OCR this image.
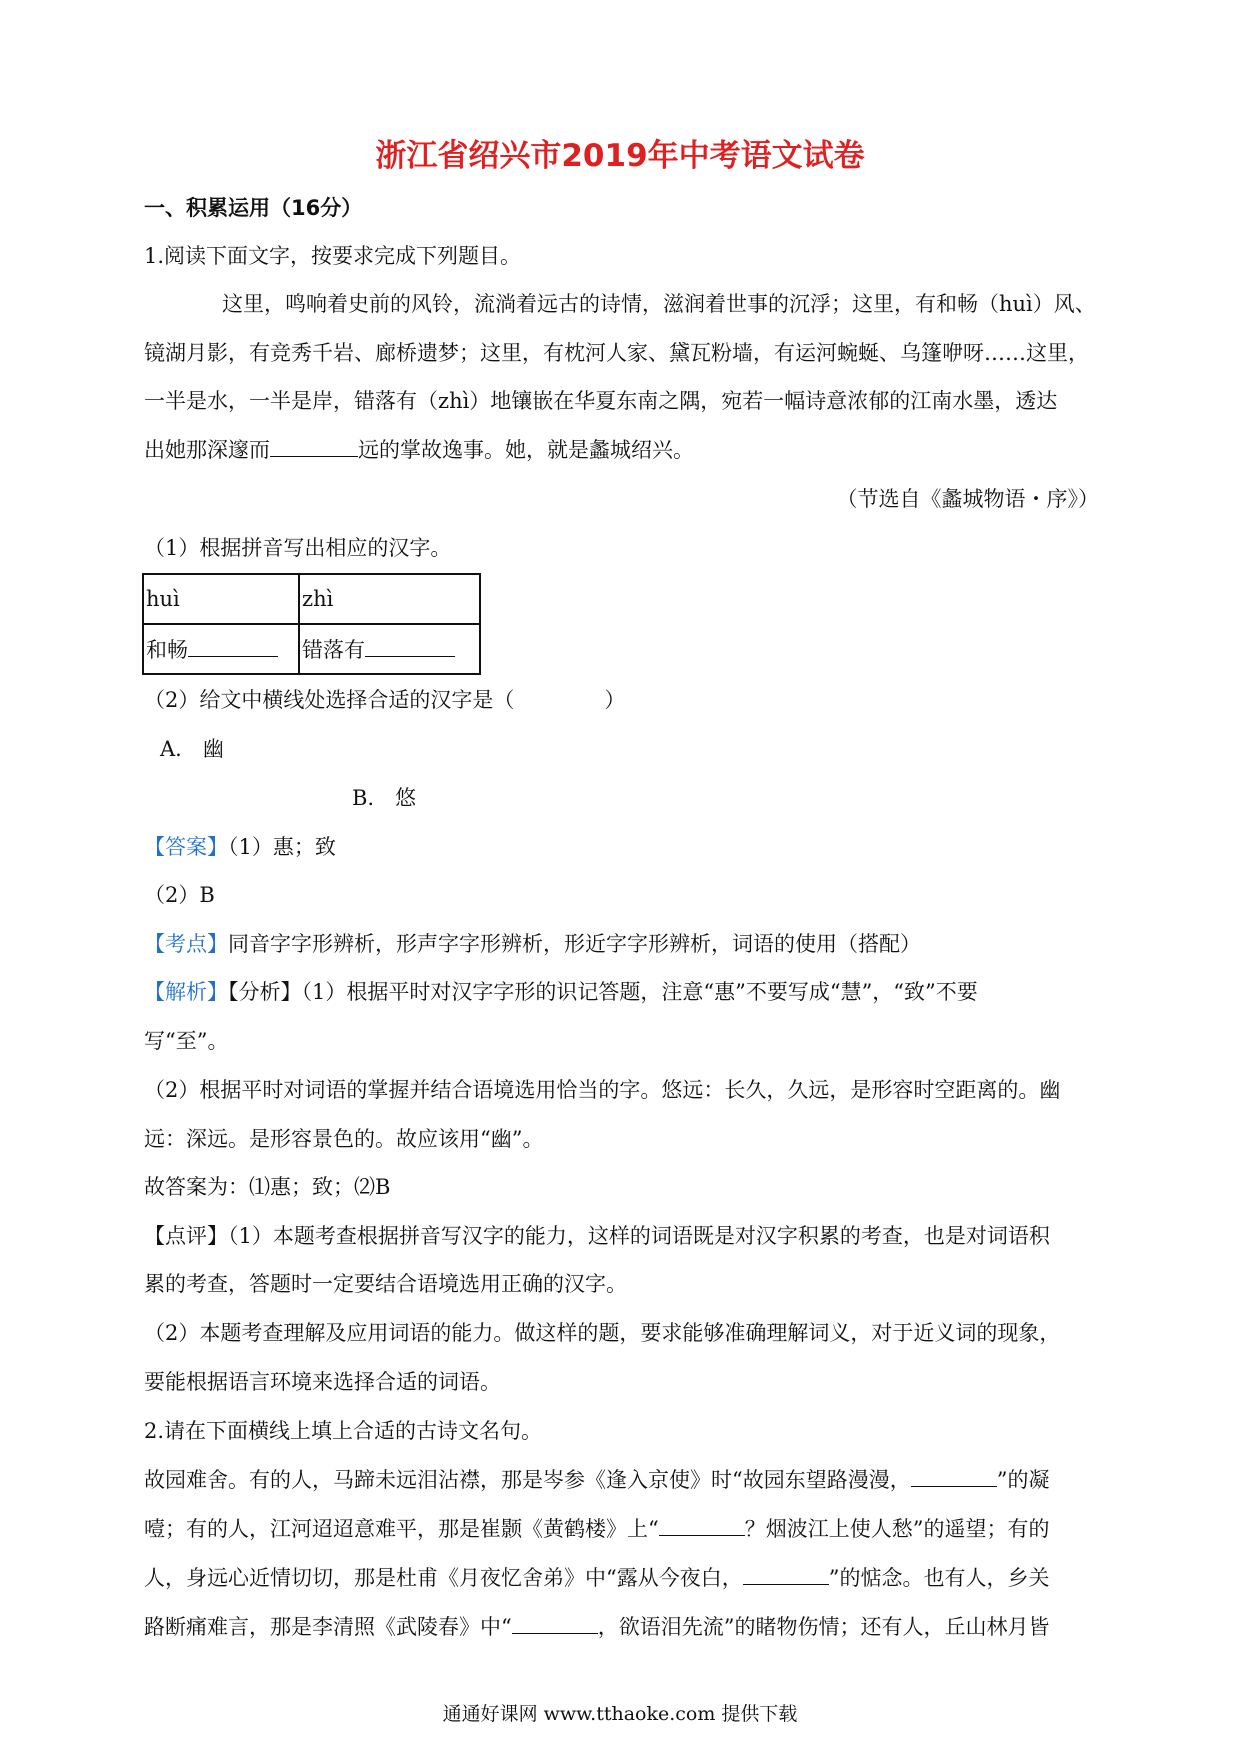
浙江省绍兴市2019年中考语文试卷
一、积累运用（16分）
1.阅读下面文字，按要求完成下列题目。
这里，鸣响着史前的风铃，流淌着远古的诗情，滋润着世事的沉浮；这里，有和畅（huì）风、
镜湖月影，有竞秀千岩、廊桥遗梦；这里，有枕河人家、黛瓦粉墙，有运河蜿蜒、乌篷咿呀……这里，
一半是水，一半是岸，错落有（zhì）地镶嵌在华夏东南之隅，宛若一幅诗意浓郁的江南水墨，透达
出她那深邃而	远的掌故逸事。她，就是蠡城绍兴。
（节选自《蠡城物语・序》）
（1）根据拼音写出相应的汉字。
huì	zhì
和畅	错落有
（2）给文中横线处选择合适的汉字是（	）
A.　幽
B.　悠
【答案】（1）惠；致
（2）B
【考点】同音字字形辨析，形声字字形辨析，形近字字形辨析，词语的使用（搭配）
【解析】【分析】（1）根据平时对汉字字形的识记答题，注意“惠”不要写成“慧”，“致”不要
写“至”。
（2）根据平时对词语的掌握并结合语境选用恰当的字。悠远：长久，久远，是形容时空距离的。幽
远：深远。是形容景色的。故应该用“幽”。
故答案为：⑴惠；致；⑵B
【点评】（1）本题考查根据拼音写汉字的能力，这样的词语既是对汉字积累的考查，也是对词语积
累的考查，答题时一定要结合语境选用正确的汉字。
（2）本题考查理解及应用词语的能力。做这样的题，要求能够准确理解词义，对于近义词的现象，
要能根据语言环境来选择合适的词语。
2.请在下面横线上填上合适的古诗文名句。
故园难舍。有的人，马蹄未远泪沾襟，那是岑参《逢入京使》时“故园东望路漫漫，	”的凝
噎；有的人，江河迢迢意难平，那是崔颢《黄鹤楼》上“	？烟波江上使人愁”的遥望；有的
人，身远心近情切切，那是杜甫《月夜忆舍弟》中“露从今夜白，	”的惦念。也有人，乡关
路断痛难言，那是李清照《武陵春》中“	，欲语泪先流”的睹物伤情；还有人，丘山林月皆
通通好课网 www.tthaoke.com 提供下载
